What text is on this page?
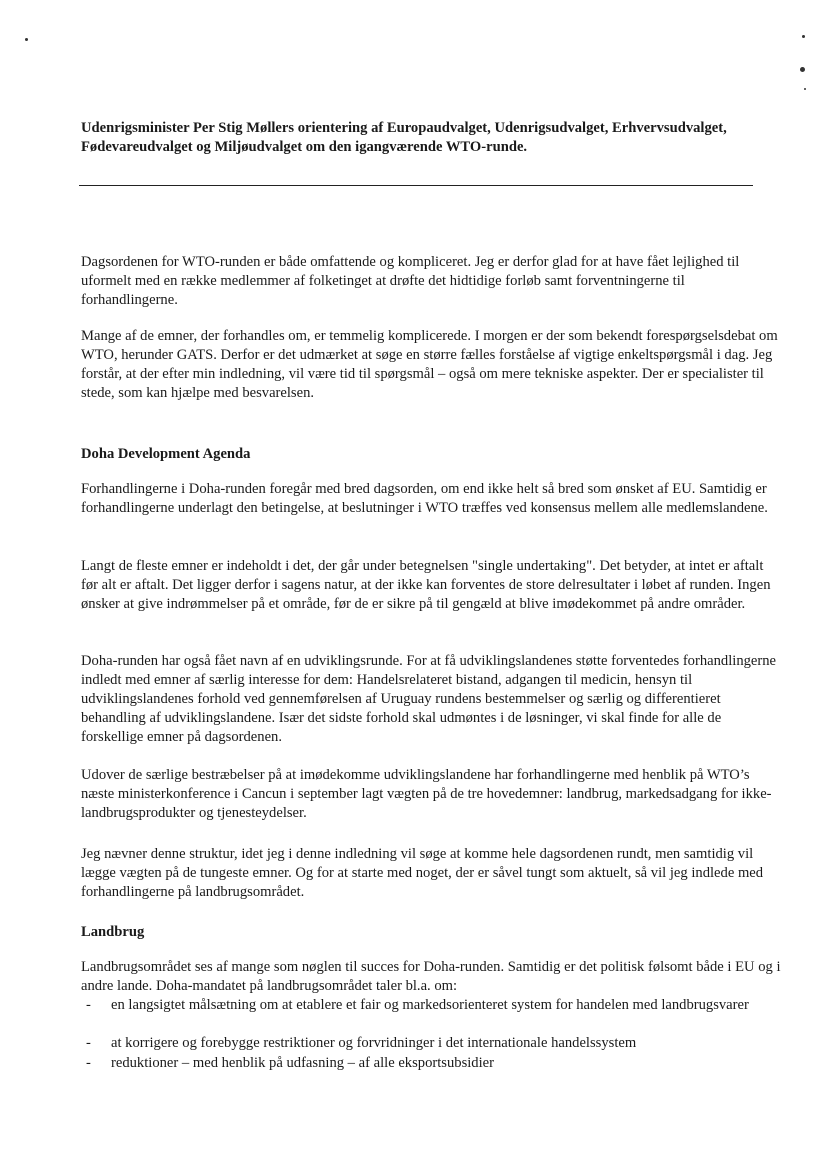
Udenrigsminister Per Stig Møllers orientering af Europaudvalget, Udenrigsudvalget, Erhvervsudvalget, Fødevareudvalget og Miljøudvalget om den igangværende WTO-runde.

Dagsordenen for WTO-runden er både omfattende og kompliceret. Jeg er derfor glad for at have fået lejlighed til uformelt med en række medlemmer af folketinget at drøfte det hidtidige forløb samt forventningerne til forhandlingerne.

Mange af de emner, der forhandles om, er temmelig komplicerede. I morgen er der som bekendt forespørgselsdebat om WTO, herunder GATS. Derfor er det udmærket at søge en større fælles forståelse af vigtige enkeltspørgsmål i dag. Jeg forstår, at der efter min indledning, vil være tid til spørgsmål – også om mere tekniske aspekter. Der er specialister til stede, som kan hjælpe med besvarelsen.

Doha Development Agenda

Forhandlingerne i Doha-runden foregår med bred dagsorden, om end ikke helt så bred som ønsket af EU. Samtidig er forhandlingerne underlagt den betingelse, at beslutninger i WTO træffes ved konsensus mellem alle medlemslandene.

Langt de fleste emner er indeholdt i det, der går under betegnelsen "single undertaking". Det betyder, at intet er aftalt før alt er aftalt. Det ligger derfor i sagens natur, at der ikke kan forventes de store delresultater i løbet af runden. Ingen ønsker at give indrømmelser på et område, før de er sikre på til gengæld at blive imødekommet på andre områder.

Doha-runden har også fået navn af en udviklingsrunde. For at få udviklingslandenes støtte forventedes forhandlingerne indledt med emner af særlig interesse for dem: Handelsrelateret bistand, adgangen til medicin, hensyn til udviklingslandenes forhold ved gennemførelsen af Uruguay rundens bestemmelser og særlig og differentieret behandling af udviklingslandene. Især det sidste forhold skal udmøntes i de løsninger, vi skal finde for alle de forskellige emner på dagsordenen.

Udover de særlige bestræbelser på at imødekomme udviklingslandene har forhandlingerne med henblik på WTO’s næste ministerkonference i Cancun i september lagt vægten på de tre hovedemner: landbrug, markedsadgang for ikke-landbrugsprodukter og tjenesteydelser.

Jeg nævner denne struktur, idet jeg i denne indledning vil søge at komme hele dagsordenen rundt, men samtidig vil lægge vægten på de tungeste emner. Og for at starte med noget, der er såvel tungt som aktuelt, så vil jeg indlede med forhandlingerne på landbrugsområdet.

Landbrug

Landbrugsområdet ses af mange som nøglen til succes for Doha-runden. Samtidig er det politisk følsomt både i EU og i andre lande. Doha-mandatet på landbrugsområdet taler bl.a. om:

- en langsigtet målsætning om at etablere et fair og markedsorienteret system for handelen med landbrugsvarer
- at korrigere og forebygge restriktioner og forvridninger i det internationale handelssystem
- reduktioner – med henblik på udfasning – af alle eksportsubsidier
